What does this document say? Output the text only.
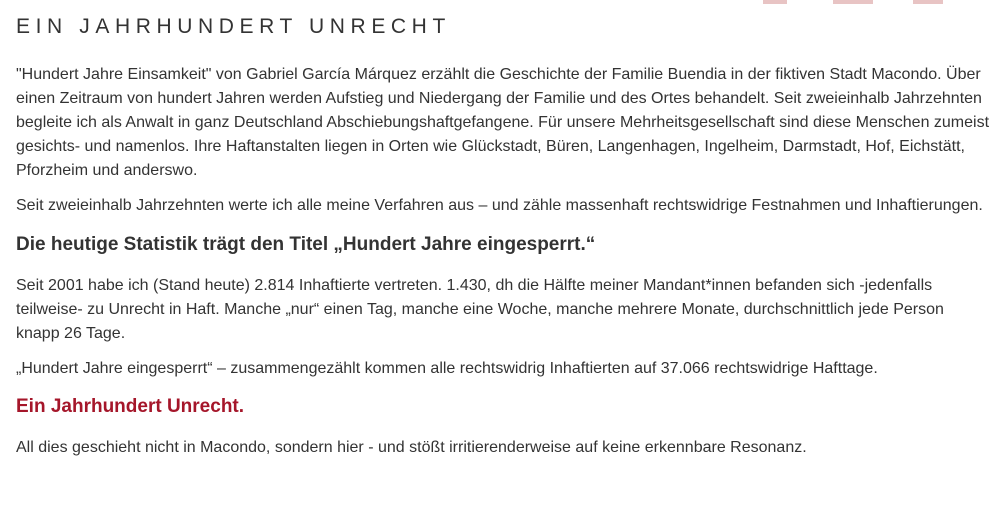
EIN JAHRHUNDERT UNRECHT

"Hundert Jahre Einsamkeit" von Gabriel García Márquez erzählt die Geschichte der Familie Buendia in der fiktiven Stadt Macondo. Über einen Zeitraum von hundert Jahren werden Aufstieg und Niedergang der Familie und des Ortes behandelt. Seit zweieinhalb Jahrzehnten begleite ich als Anwalt in ganz Deutschland Abschiebungshaftgefangene. Für unsere Mehrheitsgesellschaft sind diese Menschen zumeist gesichts- und namenlos. Ihre Haftanstalten liegen in Orten wie Glückstadt, Büren, Langenhagen, Ingelheim, Darmstadt, Hof, Eichstätt, Pforzheim und anderswo.

Seit zweieinhalb Jahrzehnten werte ich alle meine Verfahren aus – und zähle massenhaft rechtswidrige Festnahmen und Inhaftierungen.

Die heutige Statistik trägt den Titel „Hundert Jahre eingesperrt.“

Seit 2001 habe ich (Stand heute) 2.814 Inhaftierte vertreten. 1.430, dh die Hälfte meiner Mandant*innen befanden sich -jedenfalls teilweise- zu Unrecht in Haft. Manche „nur“ einen Tag, manche eine Woche, manche mehrere Monate, durchschnittlich jede Person knapp 26 Tage.

„Hundert Jahre eingesperrt“ – zusammengezählt kommen alle rechtswidrig Inhaftierten auf 37.066 rechtswidrige Hafttage.

Ein Jahrhundert Unrecht.

All dies geschieht nicht in Macondo, sondern hier - und stößt irritierenderweise auf keine erkennbare Resonanz.
